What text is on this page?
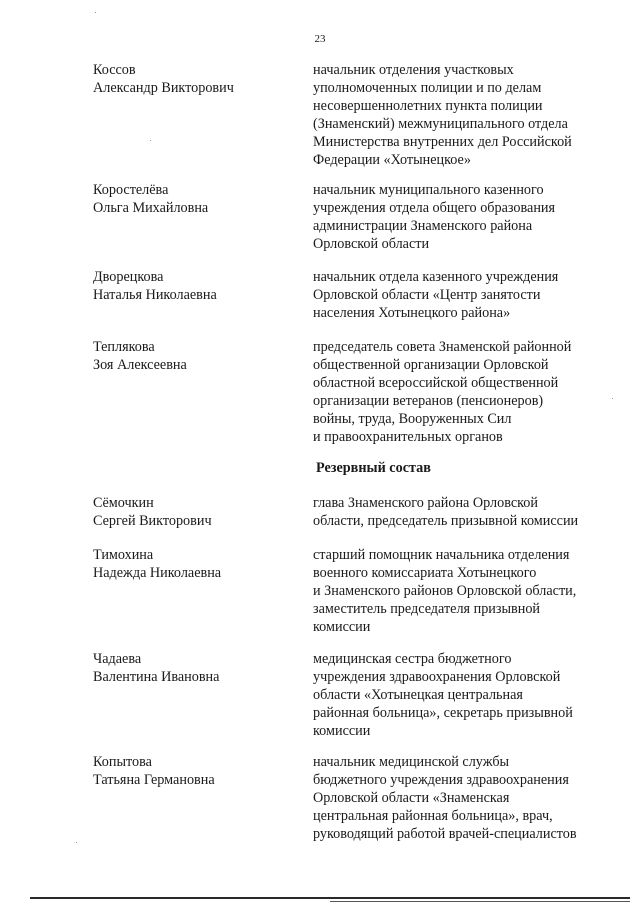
23
Коссов
Александр Викторович
начальник отделения участковых
уполномоченных полиции и по делам
несовершеннолетних пункта полиции
(Знаменский) межмуниципального отдела
Министерства внутренних дел Российской
Федерации «Хотынецкое»
Коростелёва
Ольга Михайловна
начальник муниципального казенного
учреждения отдела общего образования
администрации Знаменского района
Орловской области
Дворецкова
Наталья Николаевна
начальник отдела казенного учреждения
Орловской области «Центр занятости
населения Хотынецкого района»
Теплякова
Зоя Алексеевна
председатель совета Знаменской районной
общественной организации Орловской
областной всероссийской общественной
организации ветеранов (пенсионеров)
войны, труда, Вооруженных Сил
и правоохранительных органов
Резервный состав
Сёмочкин
Сергей Викторович
глава Знаменского района Орловской
области, председатель призывной комиссии
Тимохина
Надежда Николаевна
старший помощник начальника отделения
военного комиссариата Хотынецкого
и Знаменского районов Орловской области,
заместитель председателя призывной
комиссии
Чадаева
Валентина Ивановна
медицинская сестра бюджетного
учреждения здравоохранения Орловской
области «Хотынецкая центральная
районная больница», секретарь призывной
комиссии
Копытова
Татьяна Германовна
начальник медицинской службы
бюджетного учреждения здравоохранения
Орловской области «Знаменская
центральная районная больница», врач,
руководящий работой врачей-специалистов
